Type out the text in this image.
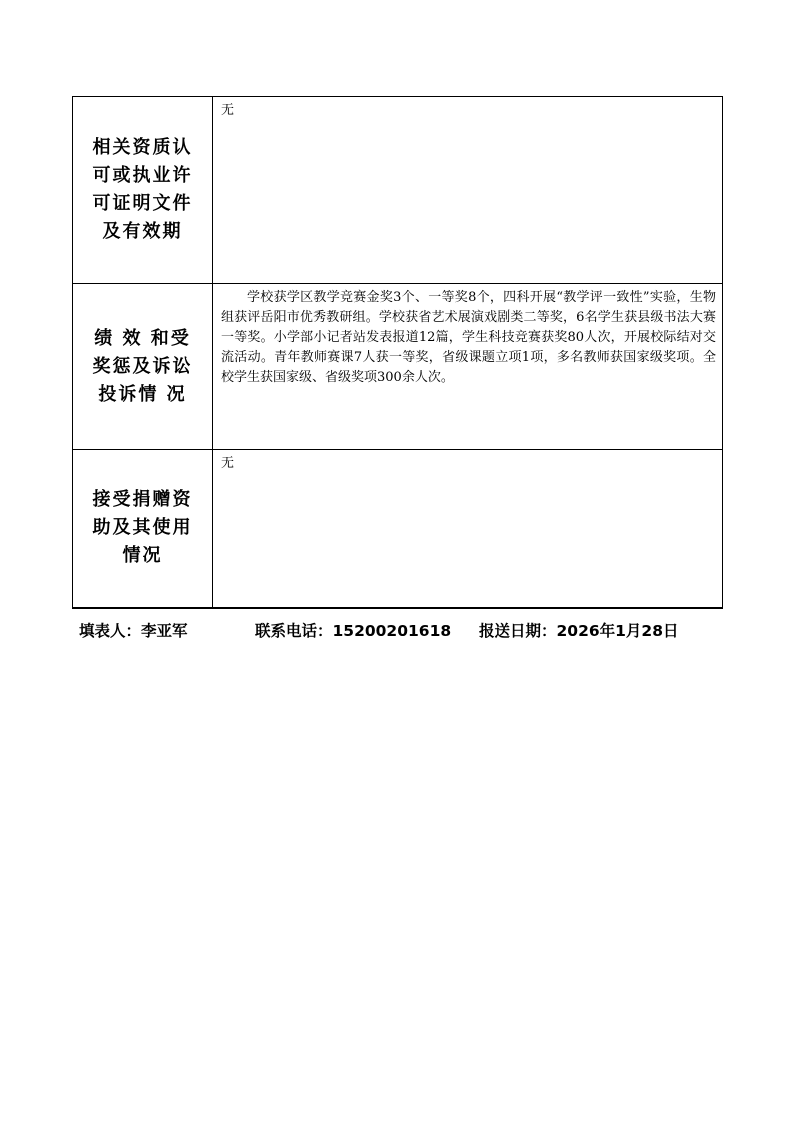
相关资质认可或执业许可证明文件及有效期	无

绩 效 和受奖惩及诉讼投诉情 况	学校获学区教学竞赛金奖3个、一等奖8个，四科开展“教学评一致性”实验，生物组获评岳阳市优秀教研组。学校获省艺术展演戏剧类二等奖，6名学生获县级书法大赛一等奖。小学部小记者站发表报道12篇，学生科技竞赛获奖80人次，开展校际结对交流活动。青年教师赛课7人获一等奖，省级课题立项1项，多名教师获国家级奖项。全校学生获国家级、省级奖项300余人次。

接受捐赠资助及其使用情况	无
填表人：李亚军	联系电话：15200201618 报送日期：2026年1月28日
